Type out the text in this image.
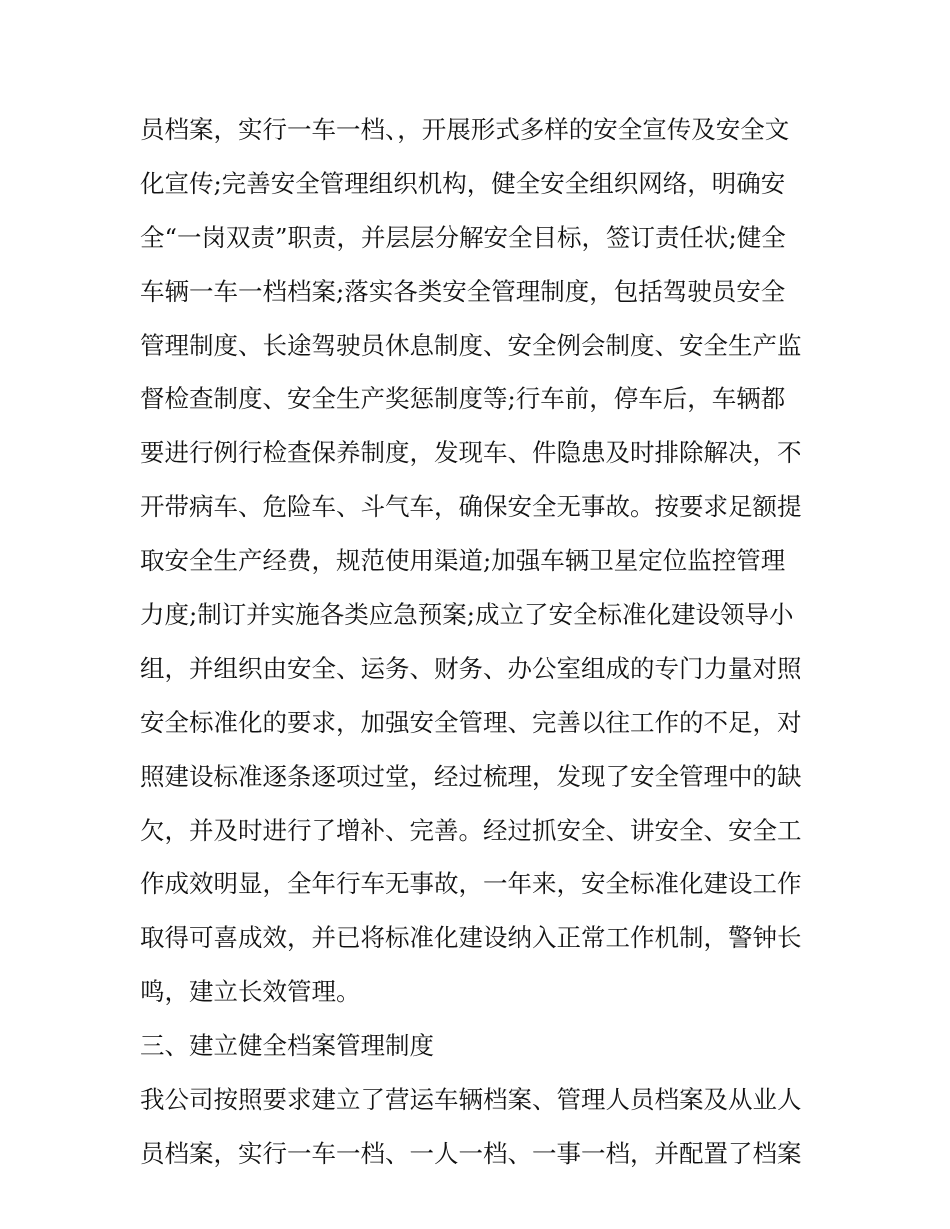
员档案，实行一车一档、，开展形式多样的安全宣传及安全文
化宣传;完善安全管理组织机构，健全安全组织网络，明确安
全“一岗双责”职责，并层层分解安全目标，签订责任状;健全
车辆一车一档档案;落实各类安全管理制度，包括驾驶员安全
管理制度、长途驾驶员休息制度、安全例会制度、安全生产监
督检查制度、安全生产奖惩制度等;行车前，停车后，车辆都
要进行例行检查保养制度，发现车、件隐患及时排除解决，不
开带病车、危险车、斗气车，确保安全无事故。按要求足额提
取安全生产经费，规范使用渠道;加强车辆卫星定位监控管理
力度;制订并实施各类应急预案;成立了安全标准化建设领导小
组，并组织由安全、运务、财务、办公室组成的专门力量对照
安全标准化的要求，加强安全管理、完善以往工作的不足，对
照建设标准逐条逐项过堂，经过梳理，发现了安全管理中的缺
欠，并及时进行了增补、完善。经过抓安全、讲安全、安全工
作成效明显，全年行车无事故，一年来，安全标准化建设工作
取得可喜成效，并已将标准化建设纳入正常工作机制，警钟长
鸣，建立长效管理。
三、建立健全档案管理制度
我公司按照要求建立了营运车辆档案、管理人员档案及从业人
员档案，实行一车一档、一人一档、一事一档，并配置了档案
